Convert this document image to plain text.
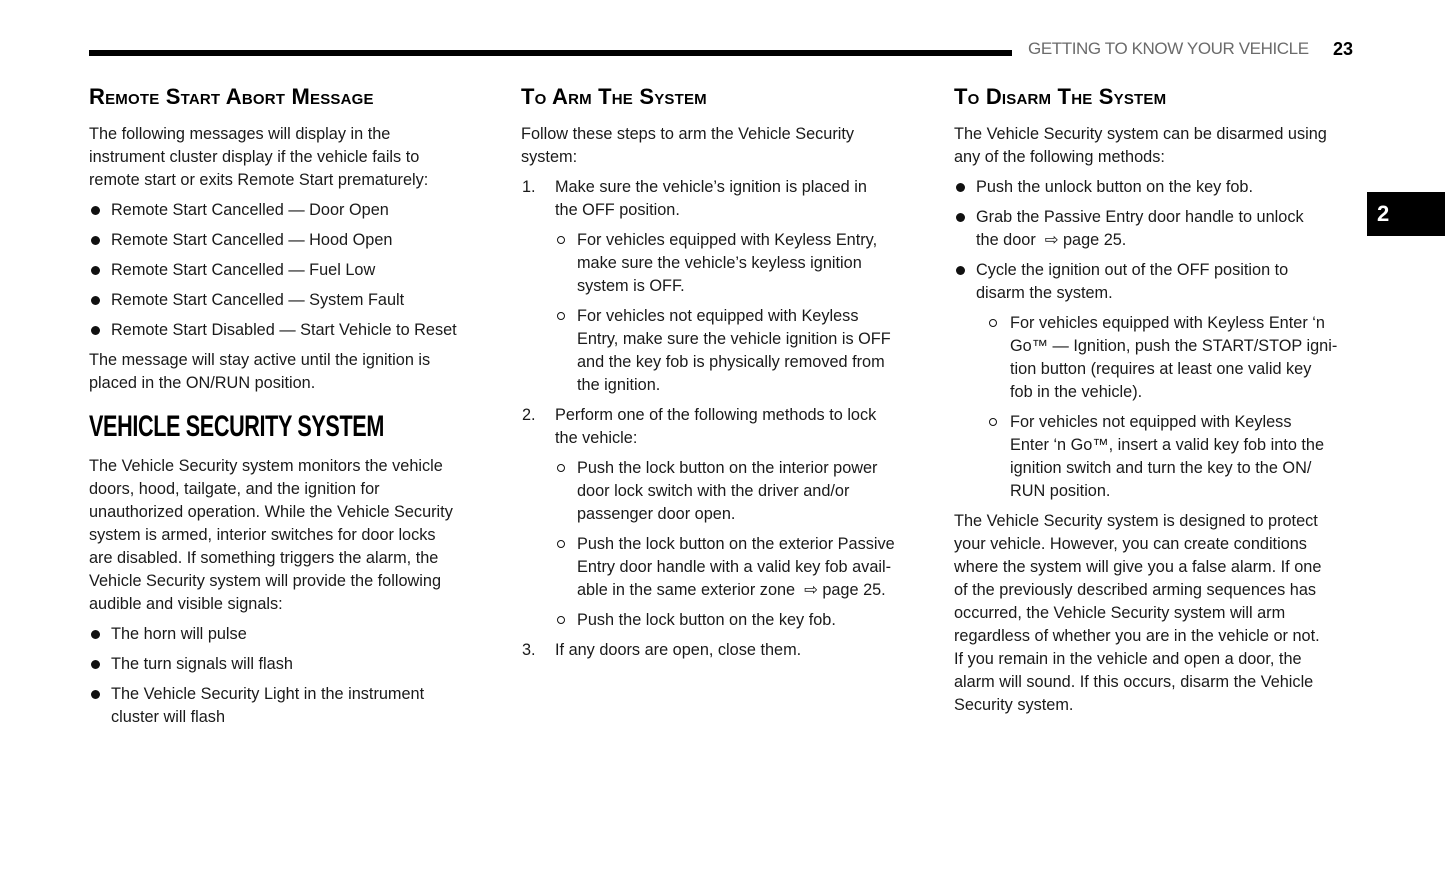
GETTING TO KNOW YOUR VEHICLE 23
2
Remote Start Abort Message

The following messages will display in the
instrument cluster display if the vehicle fails to
remote start or exits Remote Start prematurely:

Remote Start Cancelled — Door Open
Remote Start Cancelled — Hood Open
Remote Start Cancelled — Fuel Low
Remote Start Cancelled — System Fault
Remote Start Disabled — Start Vehicle to Reset

The message will stay active until the ignition is
placed in the ON/RUN position.

VEHICLE SECURITY SYSTEM

The Vehicle Security system monitors the vehicle
doors, hood, tailgate, and the ignition for
unauthorized operation. While the Vehicle Security
system is armed, interior switches for door locks
are disabled. If something triggers the alarm, the
Vehicle Security system will provide the following
audible and visible signals:

The horn will pulse
The turn signals will flash
The Vehicle Security Light in the instrument
cluster will flash
To Arm The System

Follow these steps to arm the Vehicle Security
system:

1. Make sure the vehicle’s ignition is placed in
the OFF position.
For vehicles equipped with Keyless Entry,
make sure the vehicle’s keyless ignition
system is OFF.
For vehicles not equipped with Keyless
Entry, make sure the vehicle ignition is OFF
and the key fob is physically removed from
the ignition.
2. Perform one of the following methods to lock
the vehicle:
Push the lock button on the interior power
door lock switch with the driver and/or
passenger door open.
Push the lock button on the exterior Passive
Entry door handle with a valid key fob avail-
able in the same exterior zone  ⇨ page 25.
Push the lock button on the key fob.
3. If any doors are open, close them.
To Disarm The System

The Vehicle Security system can be disarmed using
any of the following methods:

Push the unlock button on the key fob.
Grab the Passive Entry door handle to unlock
the door  ⇨ page 25.
Cycle the ignition out of the OFF position to
disarm the system.
For vehicles equipped with Keyless Enter ‘n
Go™ — Ignition, push the START/STOP igni-
tion button (requires at least one valid key
fob in the vehicle).
For vehicles not equipped with Keyless
Enter ‘n Go™, insert a valid key fob into the
ignition switch and turn the key to the ON/
RUN position.

The Vehicle Security system is designed to protect
your vehicle. However, you can create conditions
where the system will give you a false alarm. If one
of the previously described arming sequences has
occurred, the Vehicle Security system will arm
regardless of whether you are in the vehicle or not.
If you remain in the vehicle and open a door, the
alarm will sound. If this occurs, disarm the Vehicle
Security system.
